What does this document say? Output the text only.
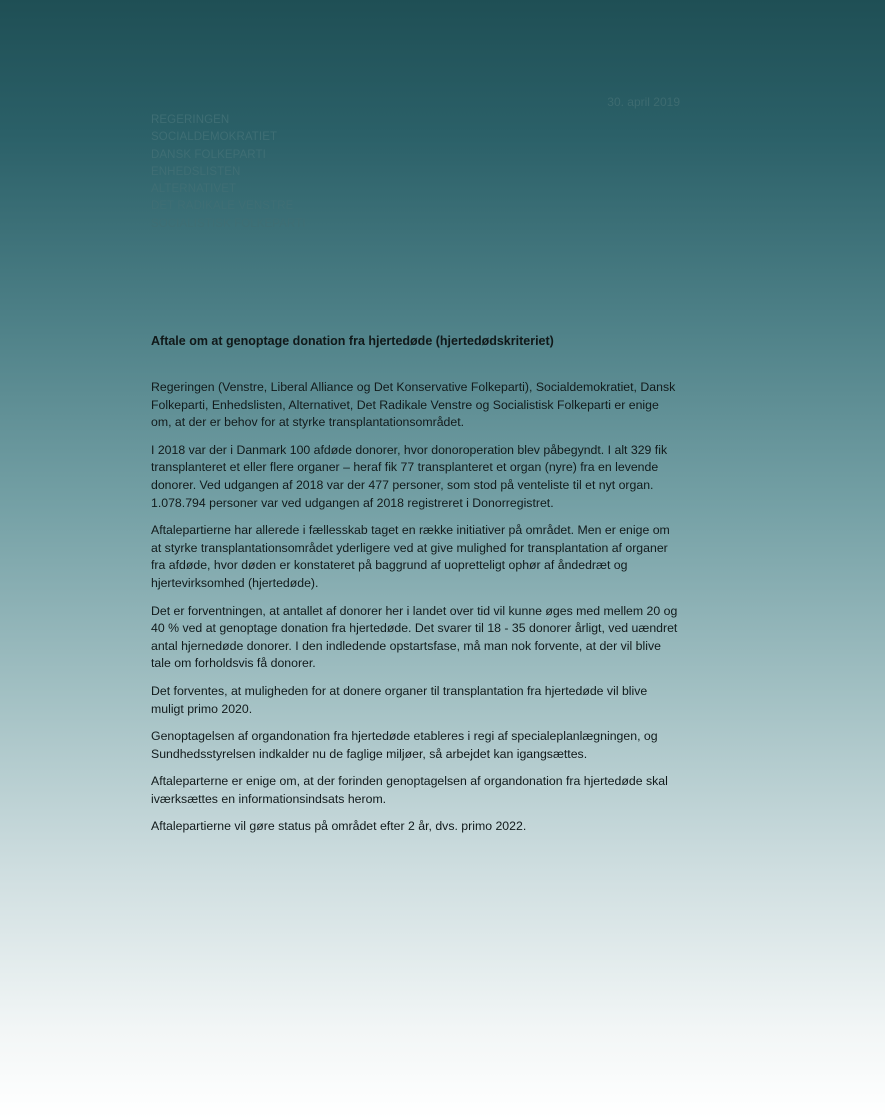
30. april 2019
REGERINGEN
SOCIALDEMOKRATIET
DANSK FOLKEPARTI
ENHEDSLISTEN
ALTERNATIVET
DET RADIKALE VENSTRE
SOCIALISTISK FOLKEPARTI
Aftale om at genoptage donation fra hjertedøde (hjertedødskriteriet)

Regeringen (Venstre, Liberal Alliance og Det Konservative Folkeparti), Socialdemokratiet, Dansk Folkeparti, Enhedslisten, Alternativet, Det Radikale Venstre og Socialistisk Folkeparti er enige om, at der er behov for at styrke transplantationsområdet.

I 2018 var der i Danmark 100 afdøde donorer, hvor donoroperation blev påbegyndt. I alt 329 fik transplanteret et eller flere organer – heraf fik 77 transplanteret et organ (nyre) fra en levende donorer. Ved udgangen af 2018 var der 477 personer, som stod på venteliste til et nyt organ. 1.078.794 personer var ved udgangen af 2018 registreret i Donorregistret.

Aftalepartierne har allerede i fællesskab taget en række initiativer på området. Men er enige om at styrke transplantationsområdet yderligere ved at give mulighed for transplantation af organer fra afdøde, hvor døden er konstateret på baggrund af uopretteligt ophør af åndedræt og hjertevirksomhed (hjertedøde).

Det er forventningen, at antallet af donorer her i landet over tid vil kunne øges med mellem 20 og 40 % ved at genoptage donation fra hjertedøde. Det svarer til 18 - 35 donorer årligt, ved uændret antal hjernedøde donorer. I den indledende opstartsfase, må man nok forvente, at der vil blive tale om forholdsvis få donorer.

Det forventes, at muligheden for at donere organer til transplantation fra hjertedøde vil blive muligt primo 2020.

Genoptagelsen af organdonation fra hjertedøde etableres i regi af specialeplanlægningen, og Sundhedsstyrelsen indkalder nu de faglige miljøer, så arbejdet kan igangsættes.

Aftaleparterne er enige om, at der forinden genoptagelsen af organdonation fra hjertedøde skal iværksættes en informationsindsats herom.

Aftalepartierne vil gøre status på området efter 2 år, dvs. primo 2022.
